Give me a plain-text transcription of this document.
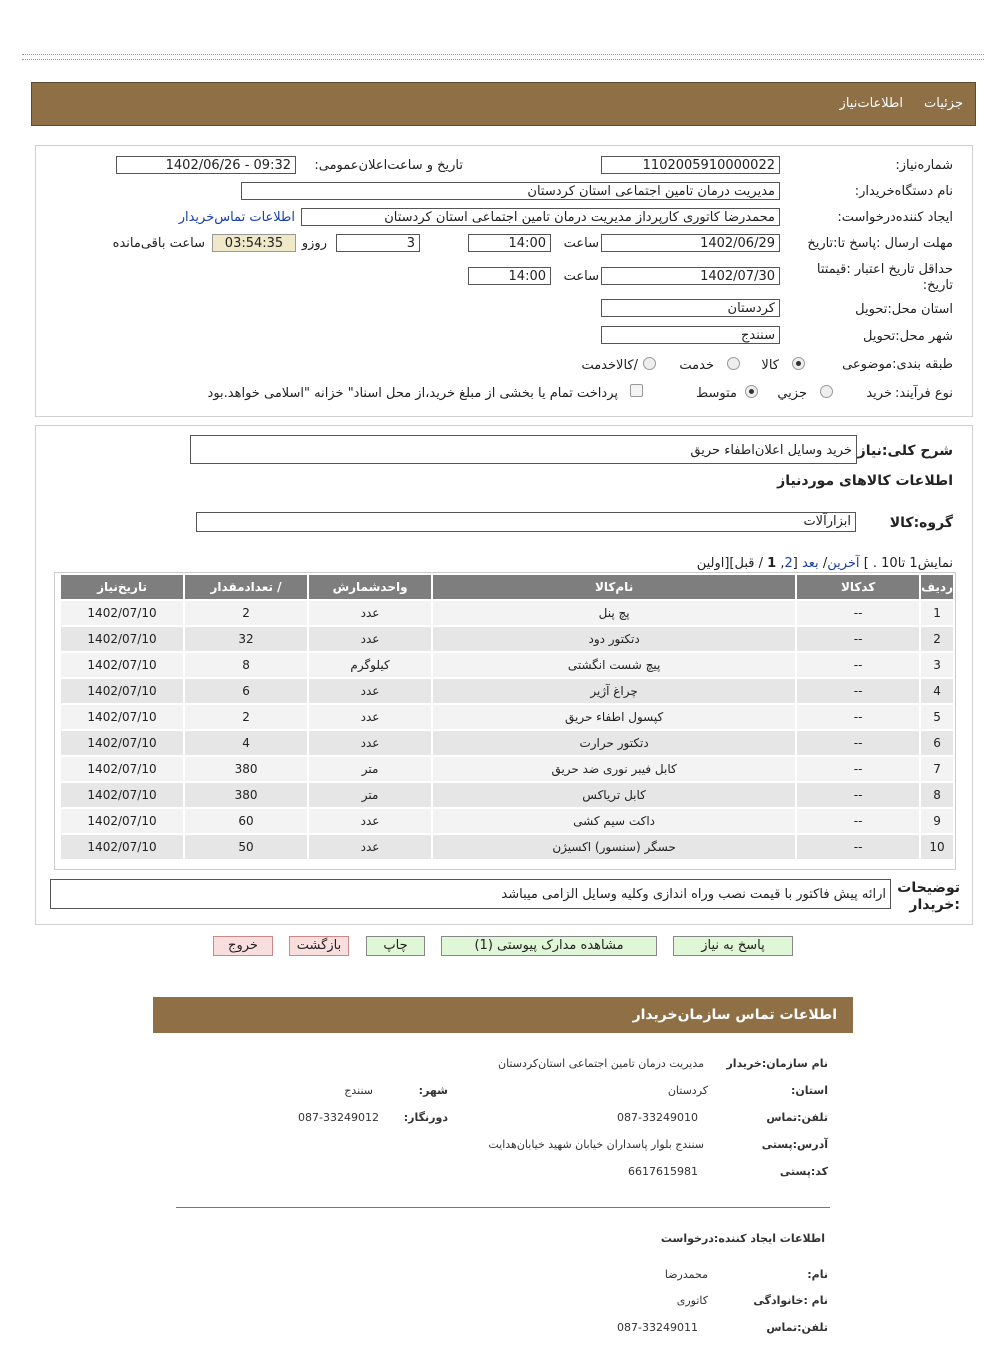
جزئیات
اطلاعات‌نیاز
شماره‌نیاز:
1102005910000022
تاریخ و ساعت‌اعلان‌عمومی:
1402/06/26 - 09:32
نام دستگاه‌خریدار:
مدیریت درمان تامین اجتماعی استان کردستان
ایجاد کننده‌درخواست:
محمدرضا کاتوری کارپرداز مدیریت درمان تامین اجتماعی استان کردستان
اطلاعات تماس‌خریدار
مهلت ارسال :پاسخ تا:تاریخ
1402/06/29
ساعت
14:00
3
روزو
03:54:35
ساعت باقی‌مانده
حداقل تاریخ اعتبار :قیمتتا تاریخ:
1402/07/30
ساعت
14:00
استان محل:تحویل
کردستان
شهر محل:تحویل
سنندج
طبقه بندی:موضوعی
کالا
خدمت
/کالاخدمت
نوع فرآیند:
خرید
جزیي
متوسط
پرداخت تمام یا بخشی از مبلغ خرید،از محل اسناد" خزانه "اسلامی خواهد.بود
شرح کلی:نیاز
خرید وسایل اعلان‌اطفاء حریق
اطلاعات کالاهای موردنیاز
گروه:کالا
ابزارآلات
نمایش1 تا10 . ] آخرین/ بعد [2, 1 / قبل][اولین
ردیف	کدکالا	نام‌کالا	واحدشمارش	/ تعدادمقدار	تاریخ‌نیاز
1	--	پچ پنل	عدد	2	1402/07/10
2	--	دتکتور دود	عدد	32	1402/07/10
3	--	پیچ شست انگشتی	کیلوگرم	8	1402/07/10
4	--	چراغ آژیر	عدد	6	1402/07/10
5	--	کپسول اطفاء حریق	عدد	2	1402/07/10
6	--	دتکتور حرارت	عدد	4	1402/07/10
7	--	کابل فیبر نوری ضد حریق	متر	380	1402/07/10
8	--	کابل تریاکس	متر	380	1402/07/10
9	--	داکت سیم کشی	عدد	60	1402/07/10
10	--	حسگر (سنسور) اکسیژن	عدد	50	1402/07/10
توضیحات :خریدار
ارائه پیش فاکتور با قیمت نصب وراه اندازی وکلیه وسایل الزامی میباشد
پاسخ به نیاز
مشاهده مدارک پیوستی (1)
چاپ
بازگشت
خروج
اطلاعات تماس سازمان‌خریدار
نام سازمان:خریدار
مدیریت درمان تامین اجتماعی استان‌کردستان
استان:
کردستان
شهر:
سنندج
تلفن:تماس
087-33249010
دورنگار:
087-33249012
آدرس:پستی
سنندج بلوار پاسداران خیابان شهید خیابان‌هدایت
کد:پستی
6617615981
اطلاعات ایجاد کننده:درخواست
نام:
محمدرضا
نام :خانوادگی
کاتوری
تلفن:تماس
087-33249011
